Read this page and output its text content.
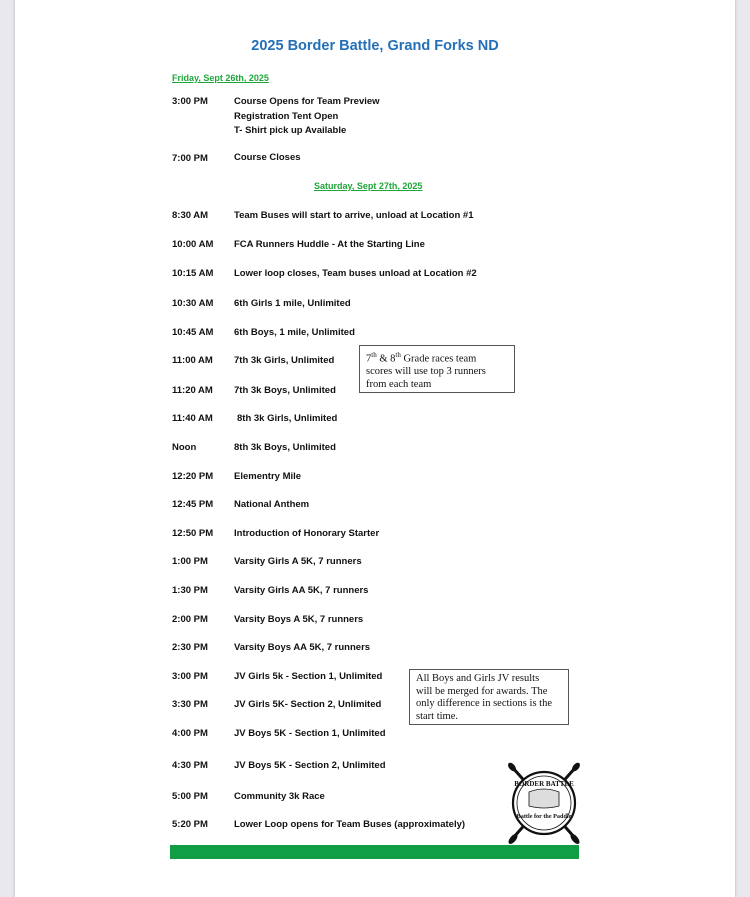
2025 Border Battle, Grand Forks ND
Friday, Sept 26th, 2025
3:00 PM	Course Opens for Team Preview
Registration Tent Open
T- Shirt pick up Available
7:00 PM	Course Closes
Saturday, Sept 27th, 2025
8:30 AM	Team Buses will start to arrive, unload at Location #1
10:00 AM FCA Runners Huddle - At the Starting Line
10:15 AM Lower loop closes, Team buses unload at Location #2
10:30 AM 6th Girls 1 mile, Unlimited
10:45 AM 6th Boys, 1 mile, Unlimited
11:00 AM 7th 3k Girls, Unlimited
11:20 AM 7th 3k Boys, Unlimited
11:40 AM	8th 3k Girls, Unlimited
Noon	8th 3k Boys, Unlimited
12:20 PM Elementry Mile
12:45 PM National Anthem
12:50 PM Introduction of Honorary Starter
1:00 PM	Varsity Girls A 5K, 7 runners
1:30 PM	Varsity Girls AA 5K, 7 runners
2:00 PM	Varsity Boys A 5K, 7 runners
2:30 PM	Varsity Boys AA 5K, 7 runners
3:00 PM	JV Girls 5k - Section 1, Unlimited
3:30 PM	JV Girls 5K- Section 2, Unlimited
4:00 PM	JV Boys 5K - Section 1, Unlimited
4:30 PM	JV Boys 5K - Section 2, Unlimited
5:00 PM	Community 3k Race
5:20 PM	Lower Loop opens for Team Buses (approximately)
7th & 8th Grade races team
scores will use top 3 runners
from each team
All Boys and Girls JV results
will be merged for awards. The
only difference in sections is the
start time.
BORDER BATTLE
Battle for the Paddle
